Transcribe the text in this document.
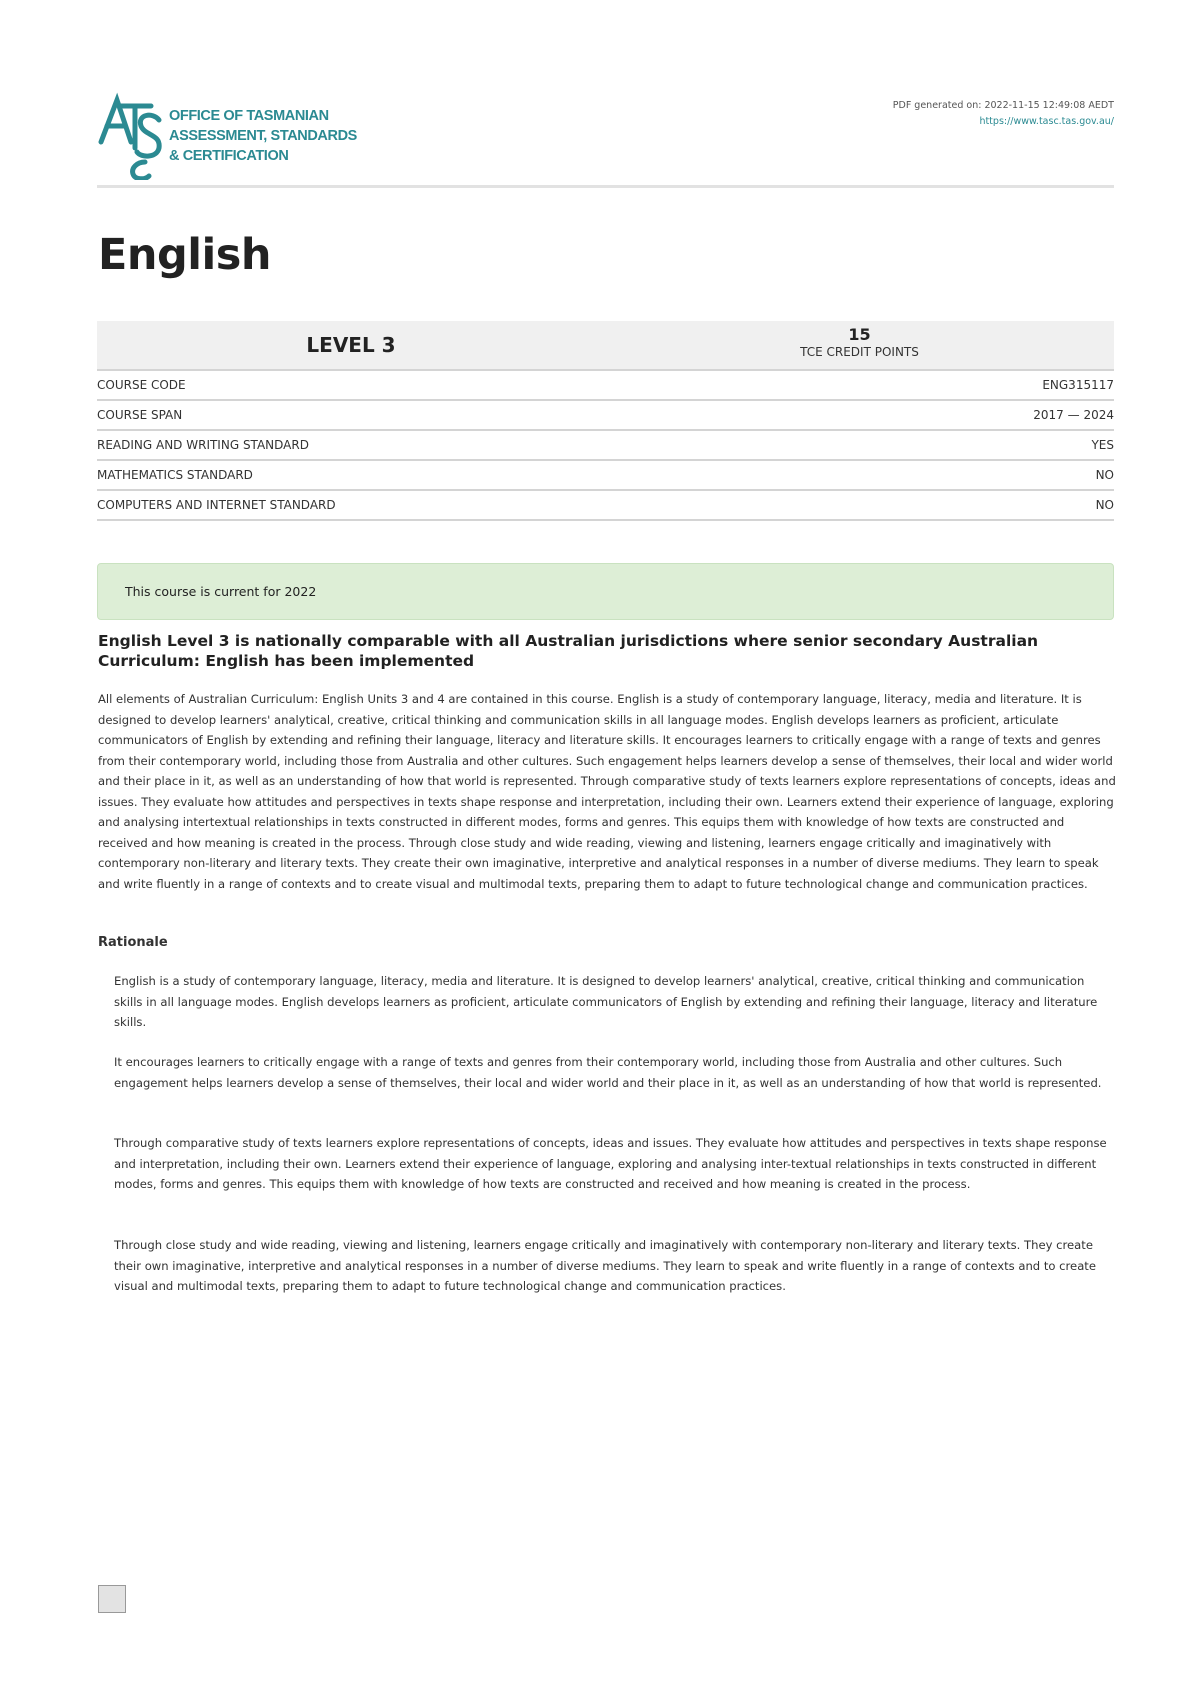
OFFICE OF TASMANIAN
ASSESSMENT, STANDARDS
& CERTIFICATION
PDF generated on: 2022-11-15 12:49:08 AEDT
https://www.tasc.tas.gov.au/
English
LEVEL 3	15
TCE CREDIT POINTS
COURSE CODE	ENG315117
COURSE SPAN	2017 — 2024
READING AND WRITING STANDARD	YES
MATHEMATICS STANDARD	NO
COMPUTERS AND INTERNET STANDARD	NO
This course is current for 2022
English Level 3 is nationally comparable with all Australian jurisdictions where senior secondary Australian Curriculum: English has been implemented

All elements of Australian Curriculum: English Units 3 and 4 are contained in this course. English is a study of contemporary language, literacy, media and literature. It is designed to develop learners' analytical, creative, critical thinking and communication skills in all language modes. English develops learners as proficient, articulate communicators of English by extending and refining their language, literacy and literature skills. It encourages learners to critically engage with a range of texts and genres from their contemporary world, including those from Australia and other cultures. Such engagement helps learners develop a sense of themselves, their local and wider world and their place in it, as well as an understanding of how that world is represented. Through comparative study of texts learners explore representations of concepts, ideas and issues. They evaluate how attitudes and perspectives in texts shape response and interpretation, including their own. Learners extend their experience of language, exploring and analysing intertextual relationships in texts constructed in different modes, forms and genres. This equips them with knowledge of how texts are constructed and received and how meaning is created in the process. Through close study and wide reading, viewing and listening, learners engage critically and imaginatively with contemporary non-literary and literary texts. They create their own imaginative, interpretive and analytical responses in a number of diverse mediums. They learn to speak and write fluently in a range of contexts and to create visual and multimodal texts, preparing them to adapt to future technological change and communication practices.

Rationale

English is a study of contemporary language, literacy, media and literature. It is designed to develop learners' analytical, creative, critical thinking and communication skills in all language modes. English develops learners as proficient, articulate communicators of English by extending and refining their language, literacy and literature skills.

It encourages learners to critically engage with a range of texts and genres from their contemporary world, including those from Australia and other cultures. Such engagement helps learners develop a sense of themselves, their local and wider world and their place in it, as well as an understanding of how that world is represented.

Through comparative study of texts learners explore representations of concepts, ideas and issues. They evaluate how attitudes and perspectives in texts shape response and interpretation, including their own. Learners extend their experience of language, exploring and analysing inter-textual relationships in texts constructed in different modes, forms and genres. This equips them with knowledge of how texts are constructed and received and how meaning is created in the process.

Through close study and wide reading, viewing and listening, learners engage critically and imaginatively with contemporary non-literary and literary texts. They create their own imaginative, interpretive and analytical responses in a number of diverse mediums. They learn to speak and write fluently in a range of contexts and to create visual and multimodal texts, preparing them to adapt to future technological change and communication practices.
